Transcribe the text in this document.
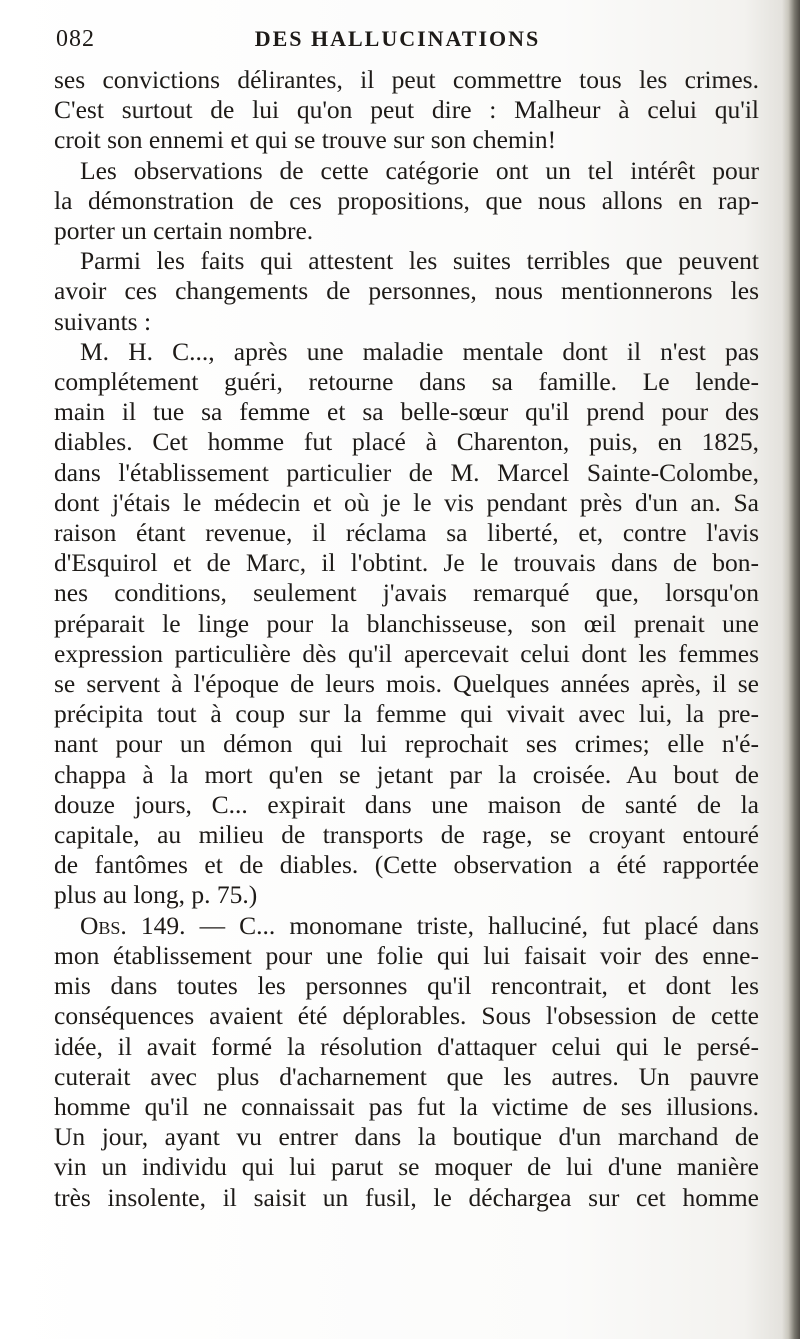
082	DES HALLUCINATIONS
ses convictions délirantes, il peut commettre tous les crimes.
C'est surtout de lui qu'on peut dire : Malheur à celui qu'il
croit son ennemi et qui se trouve sur son chemin!
Les observations de cette catégorie ont un tel intérêt pour
la démonstration de ces propositions, que nous allons en rap-
porter un certain nombre.
Parmi les faits qui attestent les suites terribles que peuvent
avoir ces changements de personnes, nous mentionnerons les
suivants :
M. H. C..., après une maladie mentale dont il n'est pas
complétement guéri, retourne dans sa famille. Le lende-
main il tue sa femme et sa belle-sœur qu'il prend pour des
diables. Cet homme fut placé à Charenton, puis, en 1825,
dans l'établissement particulier de M. Marcel Sainte-Colombe,
dont j'étais le médecin et où je le vis pendant près d'un an. Sa
raison étant revenue, il réclama sa liberté, et, contre l'avis
d'Esquirol et de Marc, il l'obtint. Je le trouvais dans de bon-
nes conditions, seulement j'avais remarqué que, lorsqu'on
préparait le linge pour la blanchisseuse, son œil prenait une
expression particulière dès qu'il apercevait celui dont les femmes
se servent à l'époque de leurs mois. Quelques années après, il se
précipita tout à coup sur la femme qui vivait avec lui, la pre-
nant pour un démon qui lui reprochait ses crimes; elle n'é-
chappa à la mort qu'en se jetant par la croisée. Au bout de
douze jours, C... expirait dans une maison de santé de la
capitale, au milieu de transports de rage, se croyant entouré
de fantômes et de diables. (Cette observation a été rapportée
plus au long, p. 75.)
Obs. 149. — C... monomane triste, halluciné, fut placé dans
mon établissement pour une folie qui lui faisait voir des enne-
mis dans toutes les personnes qu'il rencontrait, et dont les
conséquences avaient été déplorables. Sous l'obsession de cette
idée, il avait formé la résolution d'attaquer celui qui le persé-
cuterait avec plus d'acharnement que les autres. Un pauvre
homme qu'il ne connaissait pas fut la victime de ses illusions.
Un jour, ayant vu entrer dans la boutique d'un marchand de
vin un individu qui lui parut se moquer de lui d'une manière
très insolente, il saisit un fusil, le déchargea sur cet homme
